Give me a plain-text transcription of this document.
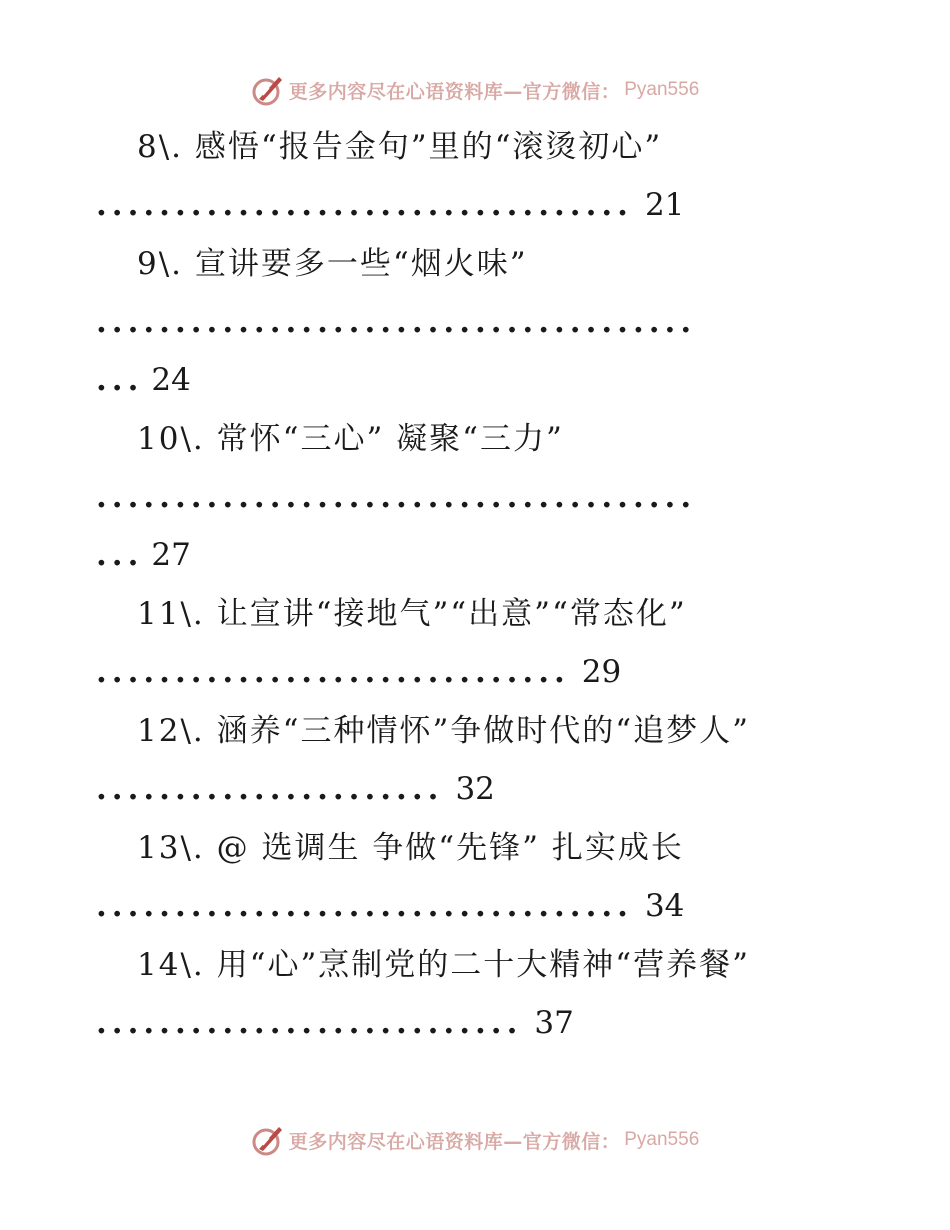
更多内容尽在心语资料库—官方微信： Pyan556
8\. 感悟“报告金句”里的“滚烫初心”
.................................. 21
9\. 宣讲要多一些“烟火味”
......................................
... 24
10\. 常怀“三心” 凝聚“三力”
......................................
... 27
11\. 让宣讲“接地气”“出意”“常态化”
.............................. 29
12\. 涵养“三种情怀”争做时代的“追梦人”
...................... 32
13\. @ 选调生 争做“先锋” 扎实成长
.................................. 34
14\. 用“心”烹制党的二十大精神“营养餐”
........................... 37
更多内容尽在心语资料库—官方微信： Pyan556
